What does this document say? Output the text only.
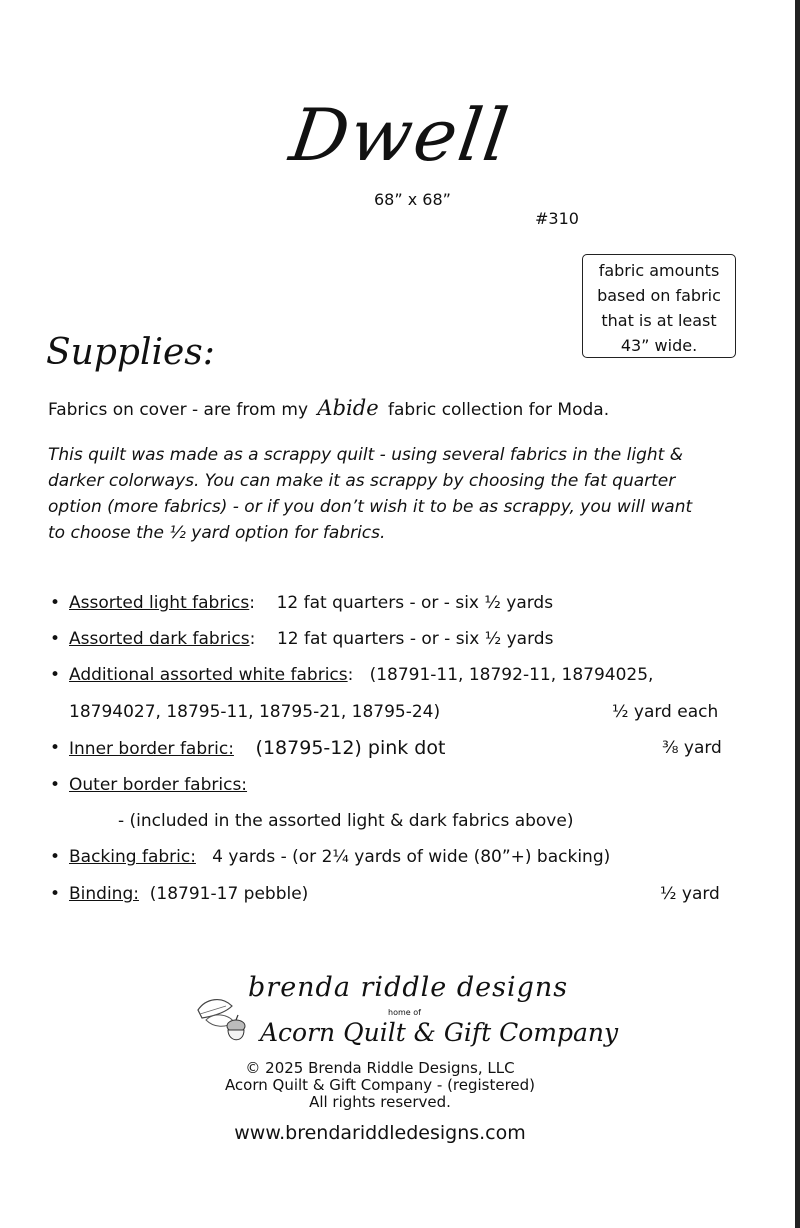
Dwell
68” x 68”
#310
fabric amounts
based on fabric
that is at least
43” wide.
Supplies:
Fabrics on cover - are from my Abide fabric collection for Moda.
This quilt was made as a scrappy quilt - using several fabrics in the light &
darker colorways. You can make it as scrappy by choosing the fat quarter
option (more fabrics) - or if you don’t wish it to be as scrappy, you will want
to choose the ½ yard option for fabrics.
• Assorted light fabrics: 12 fat quarters - or - six ½ yards
• Assorted dark fabrics: 12 fat quarters - or - six ½ yards
• Additional assorted white fabrics: (18791-11, 18792-11, 18794025,
18794027, 18795-11, 18795-21, 18795-24)	½ yard each
• Inner border fabric: (18795-12) pink dot	⅜ yard
• Outer border fabrics:
- (included in the assorted light & dark fabrics above)
• Backing fabric: 4 yards - (or 2¼ yards of wide (80”+) backing)
• Binding: (18791-17 pebble)	½ yard
brenda riddle designs
home of
Acorn Quilt & Gift Company
© 2025 Brenda Riddle Designs, LLC
Acorn Quilt & Gift Company - (registered)
All rights reserved.
www.brendariddledesigns.com
